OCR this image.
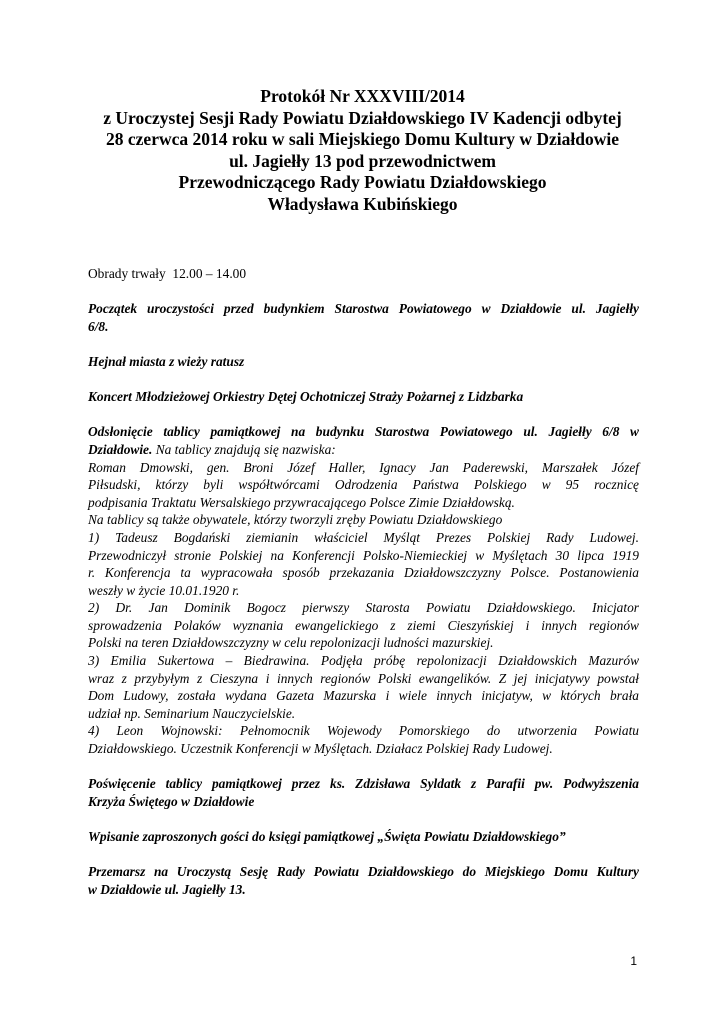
Protokół Nr XXXVIII/2014
z Uroczystej Sesji Rady Powiatu Działdowskiego IV Kadencji odbytej
28 czerwca 2014 roku w sali Miejskiego Domu Kultury w Działdowie
ul. Jagiełły 13 pod przewodnictwem
Przewodniczącego Rady Powiatu Działdowskiego
Władysława Kubińskiego

Obrady trwały  12.00 – 14.00

Początek uroczystości przed budynkiem Starostwa Powiatowego w Działdowie ul. Jagiełły
6/8.

Hejnał miasta z wieży ratusz

Koncert Młodzieżowej Orkiestry Dętej Ochotniczej Straży Pożarnej z Lidzbarka

Odsłonięcie tablicy pamiątkowej na budynku Starostwa Powiatowego ul. Jagiełły 6/8 w
Działdowie. Na tablicy znajdują się nazwiska:
Roman Dmowski, gen. Broni Józef Haller, Ignacy Jan Paderewski, Marszałek Józef
Piłsudski, którzy byli współtwórcami Odrodzenia Państwa Polskiego w 95 rocznicę
podpisania Traktatu Wersalskiego przywracającego Polsce Zimie Działdowską.
Na tablicy są także obywatele, którzy tworzyli zręby Powiatu Działdowskiego
1) Tadeusz Bogdański ziemianin właściciel Myśląt Prezes Polskiej Rady Ludowej.
Przewodniczył stronie Polskiej na Konferencji Polsko-Niemieckiej w Myślętach 30 lipca 1919
r. Konferencja ta wypracowała sposób przekazania Działdowszczyzny Polsce. Postanowienia
weszły w życie 10.01.1920 r.
2) Dr. Jan Dominik Bogocz pierwszy Starosta Powiatu Działdowskiego. Inicjator
sprowadzenia Polaków wyznania ewangelickiego z ziemi Cieszyńskiej i innych regionów
Polski na teren Działdowszczyzny w celu repolonizacji ludności mazurskiej.
3) Emilia Sukertowa – Biedrawina. Podjęła próbę repolonizacji Działdowskich Mazurów
wraz z przybyłym z Cieszyna i innych regionów Polski ewangelików. Z jej inicjatywy powstał
Dom Ludowy, została wydana Gazeta Mazurska i wiele innych inicjatyw, w których brała
udział np. Seminarium Nauczycielskie.
4) Leon Wojnowski: Pełnomocnik Wojewody Pomorskiego do utworzenia Powiatu
Działdowskiego. Uczestnik Konferencji w Myślętach. Działacz Polskiej Rady Ludowej.

Poświęcenie tablicy pamiątkowej przez ks. Zdzisława Syldatk z Parafii pw. Podwyższenia
Krzyża Świętego w Działdowie

Wpisanie zaproszonych gości do księgi pamiątkowej „Święta Powiatu Działdowskiego”

Przemarsz na Uroczystą Sesję Rady Powiatu Działdowskiego do Miejskiego Domu Kultury
w Działdowie ul. Jagiełły 13.

1
